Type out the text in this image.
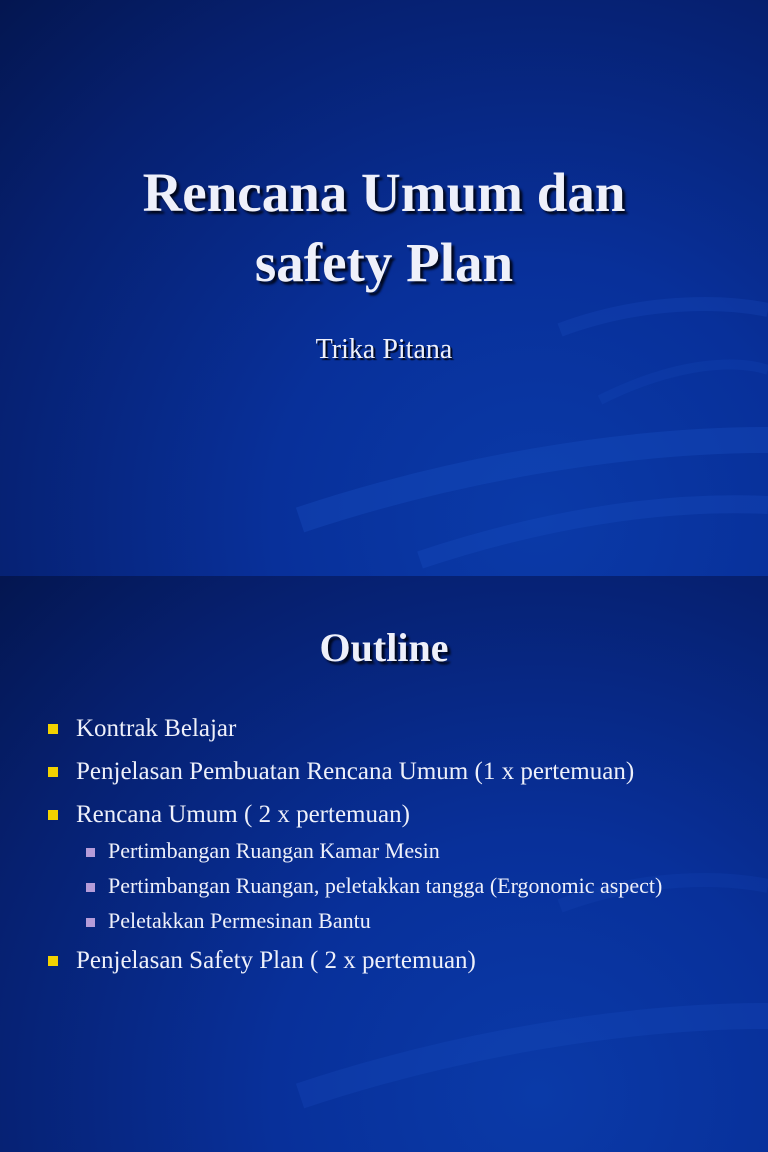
Rencana Umum dan
safety Plan
Trika Pitana
Outline
Kontrak Belajar
Penjelasan Pembuatan Rencana Umum (1 x pertemuan)
Rencana Umum ( 2 x pertemuan)
Pertimbangan Ruangan Kamar Mesin
Pertimbangan Ruangan, peletakkan tangga (Ergonomic aspect)
Peletakkan Permesinan Bantu
Penjelasan Safety Plan ( 2 x pertemuan)
